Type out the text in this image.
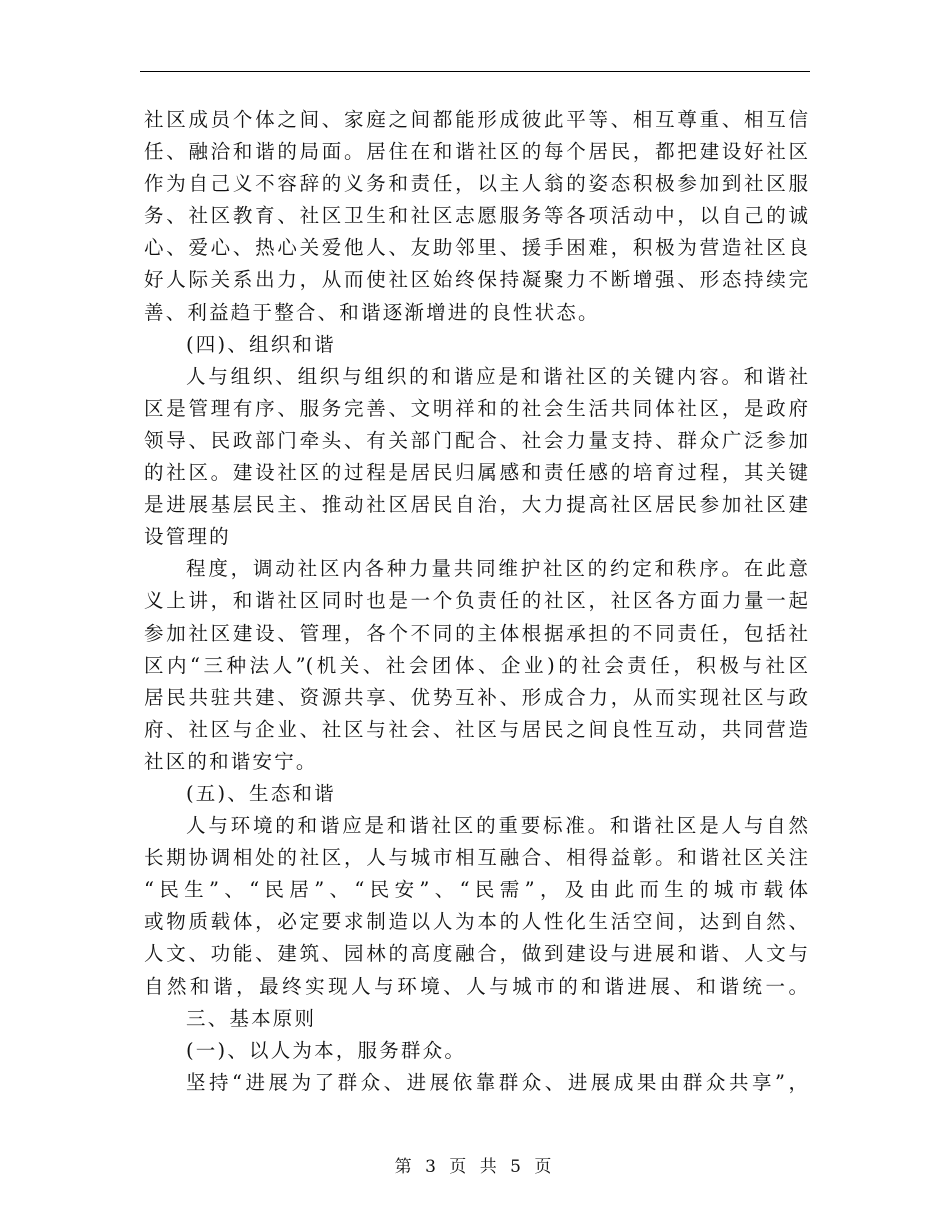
社区成员个体之间、家庭之间都能形成彼此平等、相互尊重、相互信
任、融洽和谐的局面。居住在和谐社区的每个居民，都把建设好社区
作为自己义不容辞的义务和责任，以主人翁的姿态积极参加到社区服
务、社区教育、社区卫生和社区志愿服务等各项活动中，以自己的诚
心、爱心、热心关爱他人、友助邻里、援手困难，积极为营造社区良
好人际关系出力，从而使社区始终保持凝聚力不断增强、形态持续完
善、利益趋于整合、和谐逐渐增进的良性状态。
(四)、组织和谐
人与组织、组织与组织的和谐应是和谐社区的关键内容。和谐社
区是管理有序、服务完善、文明祥和的社会生活共同体社区，是政府
领导、民政部门牵头、有关部门配合、社会力量支持、群众广泛参加
的社区。建设社区的过程是居民归属感和责任感的培育过程，其关键
是进展基层民主、推动社区居民自治，大力提高社区居民参加社区建
设管理的
程度，调动社区内各种力量共同维护社区的约定和秩序。在此意
义上讲，和谐社区同时也是一个负责任的社区，社区各方面力量一起
参加社区建设、管理，各个不同的主体根据承担的不同责任，包括社
区内“三种法人”(机关、社会团体、企业)的社会责任，积极与社区
居民共驻共建、资源共享、优势互补、形成合力，从而实现社区与政
府、社区与企业、社区与社会、社区与居民之间良性互动，共同营造
社区的和谐安宁。
(五)、生态和谐
人与环境的和谐应是和谐社区的重要标准。和谐社区是人与自然
长期协调相处的社区，人与城市相互融合、相得益彰。和谐社区关注
“民生”、“民居”、“民安”、“民需”，及由此而生的城市载体
或物质载体，必定要求制造以人为本的人性化生活空间，达到自然、
人文、功能、建筑、园林的高度融合，做到建设与进展和谐、人文与
自然和谐，最终实现人与环境、人与城市的和谐进展、和谐统一。
三、基本原则
(一)、以人为本，服务群众。
坚持“进展为了群众、进展依靠群众、进展成果由群众共享”，
第 3 页 共 5 页
